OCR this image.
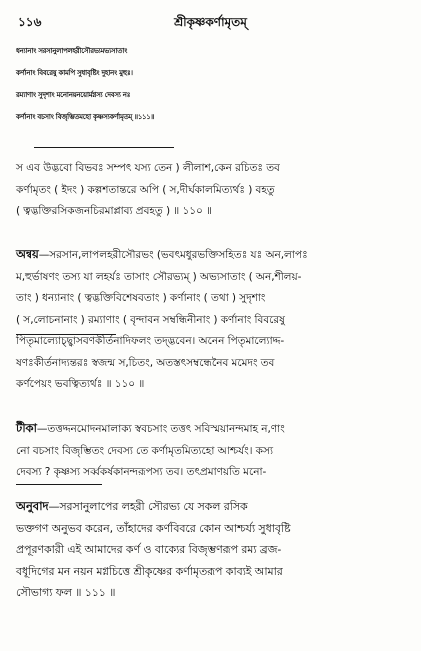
১১৬	শ্রীকৃষ্ণকর্ণামৃতম্‌
ধন্যানাং সরসানুলাপলহরীসৌরভ্যমভ্যসাতাং
কর্ণানাং বিবরেষু কামপি সুধাবৃষ্টিং দুহানং মুহুঃ।
রম্যাণাং সুদৃশাং মনোনয়নয়োর্মগ্নস্য দেবস্য নঃ
কর্ণানাং বচসাং বিজৃম্ভিতমহো কৃষ্ণস্যকর্ণামৃতম্‌ ॥১১১॥
স এব উদ্ভবো বিভবঃ সম্পৎ যস্য তেন ) লীলাশ,কেন রচিতঃ তব
কর্ণামৃতং ( ইদং ) কল্পশতান্তরে অপি ( স,দীর্ঘকালমিত্যর্থঃ ) বহতু
( ত্বদ্ভক্তিরসিকজনচিরমাপ্লাব্য প্রবহতু ) ॥ ১১০ ॥
অন্বয়—সরসান,লাপলহরীসৌরভং (ভবৎমধুরভক্তিসহিতঃ যঃ অন,লাপঃ
ম,হুর্ভাষণং তস্য যা লহর্যঃ তাসাং সৌরভ্যম্‌ ) অভ্যসাতাং ( অন,শীলয়-
তাং ) ধন্যানাং ( ত্বদ্ভক্তিবিশেষবতাং ) কর্ণানাং ( তথা ) সুদৃশাং
( স,লোচনানাং ) রম্যাণাং ( বৃন্দাবন সম্বন্ধিনীনাং ) কর্ণানাং বিবরেষু
পিতৃমাল্যোচ্ছ্বাসবণকীর্তনাদিফলং তদ্দ্ভবেন। অনেন পিতৃমাল্যোদ্দ-
ষণঃকীর্তনাদ্যন্তরঃ স্বজন্ম স,চিতং, অতস্তৎসম্বন্ধেনৈব মমেদং তব
কর্ণপেয়ং ভবত্বিত্যর্থঃ ॥ ১১০ ॥
টীকা—তত্তদ্দনমোদনমালাক্য স্ববচসাং তত্তৎ সবিস্ময়ানন্দমাহ ন,ণাং
নো বচসাং বিজৃম্ভিতং দেবস্য তে কর্ণামৃতমিত্যহো আশ্চর্যং। কস্য
দেবস্য ? কৃষ্ণস্য সর্ব্বকর্ষকানন্দরূপস্য তব। তৎপ্রমাণয়তি মনো-
অনুবাদ—সরসানুলাপের লহরী সৌরভ্য যে সকল রসিক
ভক্তগণ অনুভব করেন, তাঁহাদের কর্ণবিবরে কোন আশ্চর্য্য সুধাবৃষ্টি
প্রপূরণকারী এই আমাদের কর্ণ ও বাক্যের বিজৃম্ভণরূপ রম্য ব্রজ-
বধূদিগের মন নয়ন মগ্নচিত্তে শ্রীকৃষ্ণের কর্ণামৃতরূপ কাব্যই আমার
সৌভাগ্য ফল ॥ ১১১ ॥
